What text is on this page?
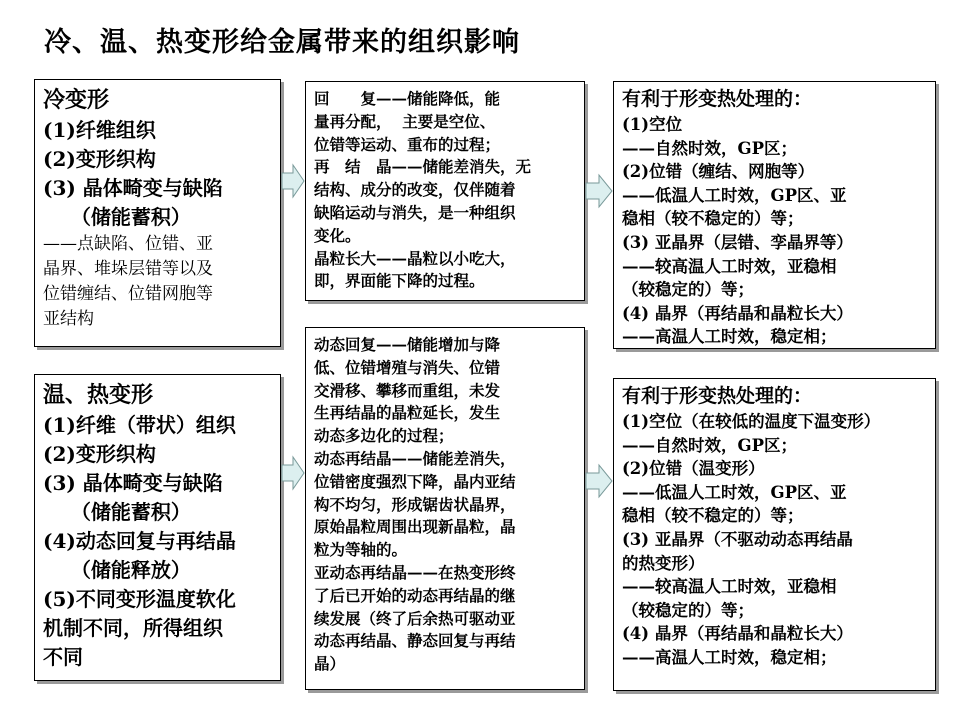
冷、温、热变形给金属带来的组织影响
冷变形
(1)纤维组织
(2)变形织构
(3) 晶体畸变与缺陷
（储能蓄积）
——点缺陷、位错、亚
晶界、堆垛层错等以及
位错缠结、位错网胞等
亚结构
温、热变形
(1)纤维（带状）组织
(2)变形织构
(3) 晶体畸变与缺陷
（储能蓄积）
(4)动态回复与再结晶
（储能释放）
(5)不同变形温度软化
机制不同，所得组织
不同
回　　复——储能降低，能
量再分配，  主要是空位、
位错等运动、重布的过程；
再　结　晶——储能差消失，无
结构、成分的改变，仅伴随着
缺陷运动与消失，是一种组织
变化。
晶粒长大——晶粒以小吃大，
即，界面能下降的过程。
动态回复——储能增加与降
低、位错增殖与消失、位错
交滑移、攀移而重组，未发
生再结晶的晶粒延长，发生
动态多边化的过程；
动态再结晶——储能差消失，
位错密度强烈下降，晶内亚结
构不均匀，形成锯齿状晶界，
原始晶粒周围出现新晶粒，晶
粒为等轴的。
亚动态再结晶——在热变形终
了后已开始的动态再结晶的继
续发展（终了后余热可驱动亚
动态再结晶、静态回复与再结
晶）
有利于形变热处理的：
(1)空位
——自然时效，GP区；
(2)位错（缠结、网胞等）
——低温人工时效，GP区、亚
稳相（较不稳定的）等；
(3) 亚晶界（层错、孪晶界等）
——较高温人工时效，亚稳相
（较稳定的）等；
(4) 晶界（再结晶和晶粒长大）
——高温人工时效，稳定相；
有利于形变热处理的：
(1)空位（在较低的温度下温变形）
——自然时效，GP区；
(2)位错（温变形）
——低温人工时效，GP区、亚
稳相（较不稳定的）等；
(3) 亚晶界（不驱动动态再结晶
的热变形）
——较高温人工时效，亚稳相
（较稳定的）等；
(4) 晶界（再结晶和晶粒长大）
——高温人工时效，稳定相；
